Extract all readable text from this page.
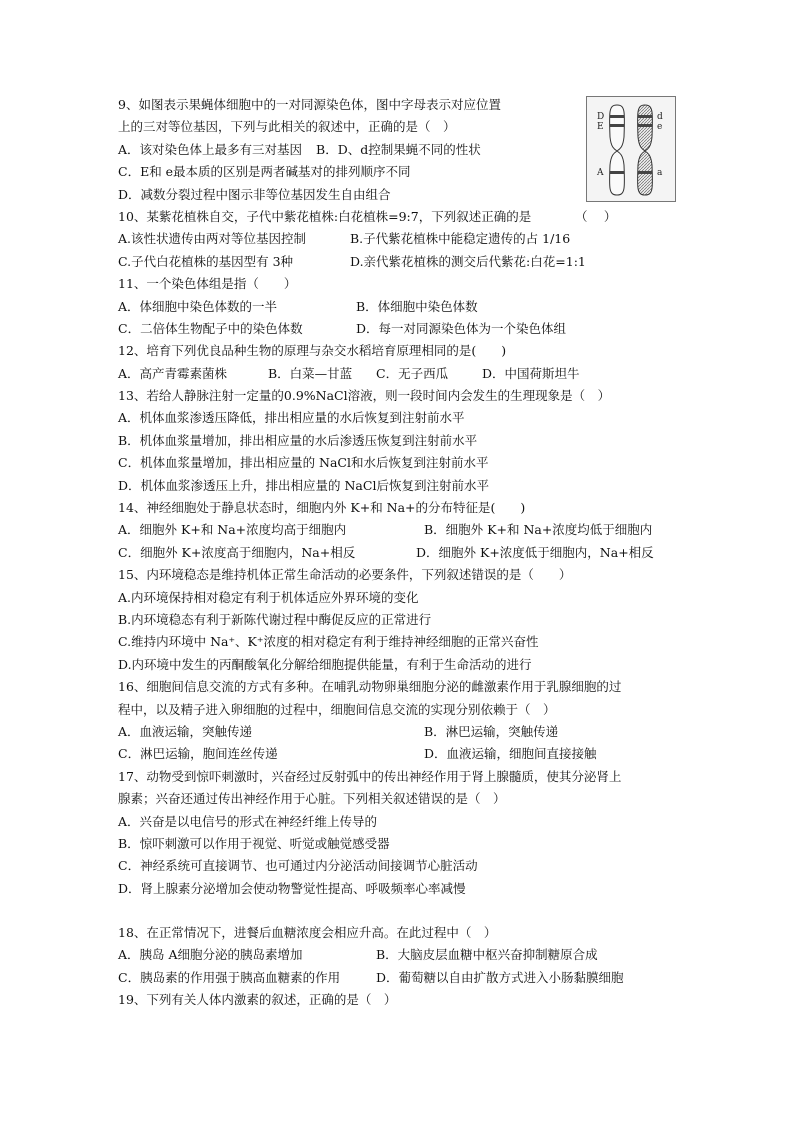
9、如图表示果蝇体细胞中的一对同源染色体，图中字母表示对应位置
上的三对等位基因，下列与此相关的叙述中，正确的是（　）
A．该对染色体上最多有三对基因 B．D、d控制果蝇不同的性状
C．E和 e最本质的区别是两者碱基对的排列顺序不同
D．减数分裂过程中图示非等位基因发生自由组合
10、某紫花植株自交，子代中紫花植株:白花植株=9:7，下列叙述正确的是　　　　（　 ）
A.该性状遗传由两对等位基因控制	B.子代紫花植株中能稳定遗传的占 1/16
C.子代白花植株的基因型有 3种	D.亲代紫花植株的测交后代紫花:白花=1:1
11、一个染色体组是指（　　）
A．体细胞中染色体数的一半	B．体细胞中染色体数
C．二倍体生物配子中的染色体数	D．每一对同源染色体为一个染色体组
12、培育下列优良品种生物的原理与杂交水稻培育原理相同的是(　　)
A．高产青霉素菌株	B．白菜—甘蓝	C．无子西瓜	D．中国荷斯坦牛
13、若给人静脉注射一定量的0.9%NaCl溶液，则一段时间内会发生的生理现象是（　）
A．机体血浆渗透压降低，排出相应量的水后恢复到注射前水平
B．机体血浆量增加，排出相应量的水后渗透压恢复到注射前水平
C．机体血浆量增加，排出相应量的 NaCl和水后恢复到注射前水平
D．机体血浆渗透压上升，排出相应量的 NaCl后恢复到注射前水平
14、神经细胞处于静息状态时，细胞内外 K+和 Na+的分布特征是(　　)
A．细胞外 K+和 Na+浓度均高于细胞内	B．细胞外 K+和 Na+浓度均低于细胞内
C．细胞外 K+浓度高于细胞内，Na+相反	D．细胞外 K+浓度低于细胞内，Na+相反
15、内环境稳态是维持机体正常生命活动的必要条件，下列叙述错误的是（　　）
A.内环境保持相对稳定有利于机体适应外界环境的变化
B.内环境稳态有利于新陈代谢过程中酶促反应的正常进行
C.维持内环境中 Na⁺、K⁺浓度的相对稳定有利于维持神经细胞的正常兴奋性
D.内环境中发生的丙酮酸氧化分解给细胞提供能量，有利于生命活动的进行
16、细胞间信息交流的方式有多种。在哺乳动物卵巢细胞分泌的雌激素作用于乳腺细胞的过
程中，以及精子进入卵细胞的过程中，细胞间信息交流的实现分别依赖于（　）
A．血液运输，突触传递	B．淋巴运输，突触传递
C．淋巴运输，胞间连丝传递	D．血液运输，细胞间直接接触
17、动物受到惊吓刺激时，兴奋经过反射弧中的传出神经作用于肾上腺髓质，使其分泌肾上
腺素；兴奋还通过传出神经作用于心脏。下列相关叙述错误的是（　）
A．兴奋是以电信号的形式在神经纤维上传导的
B．惊吓刺激可以作用于视觉、听觉或触觉感受器
C．神经系统可直接调节、也可通过内分泌活动间接调节心脏活动
D．肾上腺素分泌增加会使动物警觉性提高、呼吸频率心率减慢
18、在正常情况下，进餐后血糖浓度会相应升高。在此过程中（　）
A．胰岛 A细胞分泌的胰岛素增加	B．大脑皮层血糖中枢兴奋抑制糖原合成
C．胰岛素的作用强于胰高血糖素的作用	D．葡萄糖以自由扩散方式进入小肠黏膜细胞
19、下列有关人体内激素的叙述，正确的是（　）
D
E
A
d
e
a
